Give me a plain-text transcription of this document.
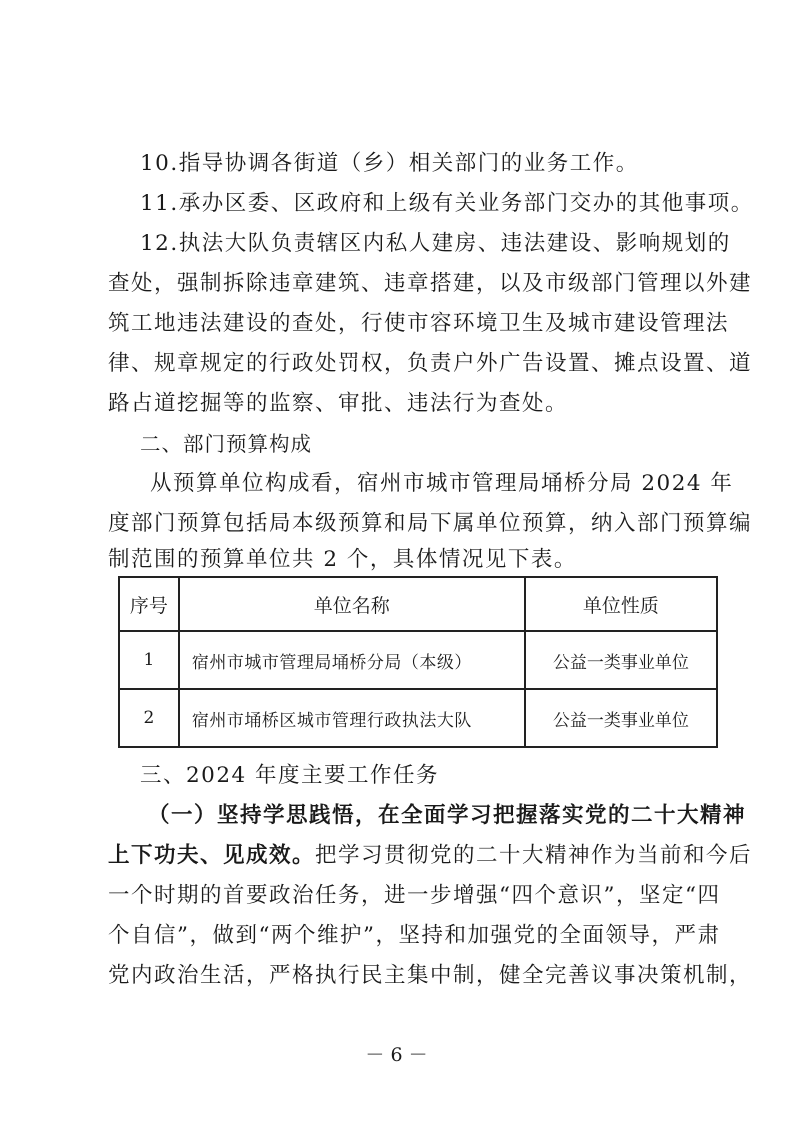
10.指导协调各街道（乡）相关部门的业务工作。
11.承办区委、区政府和上级有关业务部门交办的其他事项。
12.执法大队负责辖区内私人建房、违法建设、影响规划的
查处，强制拆除违章建筑、违章搭建，以及市级部门管理以外建
筑工地违法建设的查处，行使市容环境卫生及城市建设管理法
律、规章规定的行政处罚权，负责户外广告设置、摊点设置、道
路占道挖掘等的监察、审批、违法行为查处。
二、部门预算构成
从预算单位构成看，宿州市城市管理局埇桥分局 2024 年
度部门预算包括局本级预算和局下属单位预算，纳入部门预算编
制范围的预算单位共 2 个，具体情况见下表。
序号	单位名称	单位性质
1	宿州市城市管理局埇桥分局（本级）	公益一类事业单位
2	宿州市埇桥区城市管理行政执法大队	公益一类事业单位
三、2024 年度主要工作任务
（一）坚持学思践悟，在全面学习把握落实党的二十大精神
上下功夫、见成效。把学习贯彻党的二十大精神作为当前和今后
一个时期的首要政治任务，进一步增强“四个意识”，坚定“四
个自信”，做到“两个维护”，坚持和加强党的全面领导，严肃
党内政治生活，严格执行民主集中制，健全完善议事决策机制，
－ 6 －
